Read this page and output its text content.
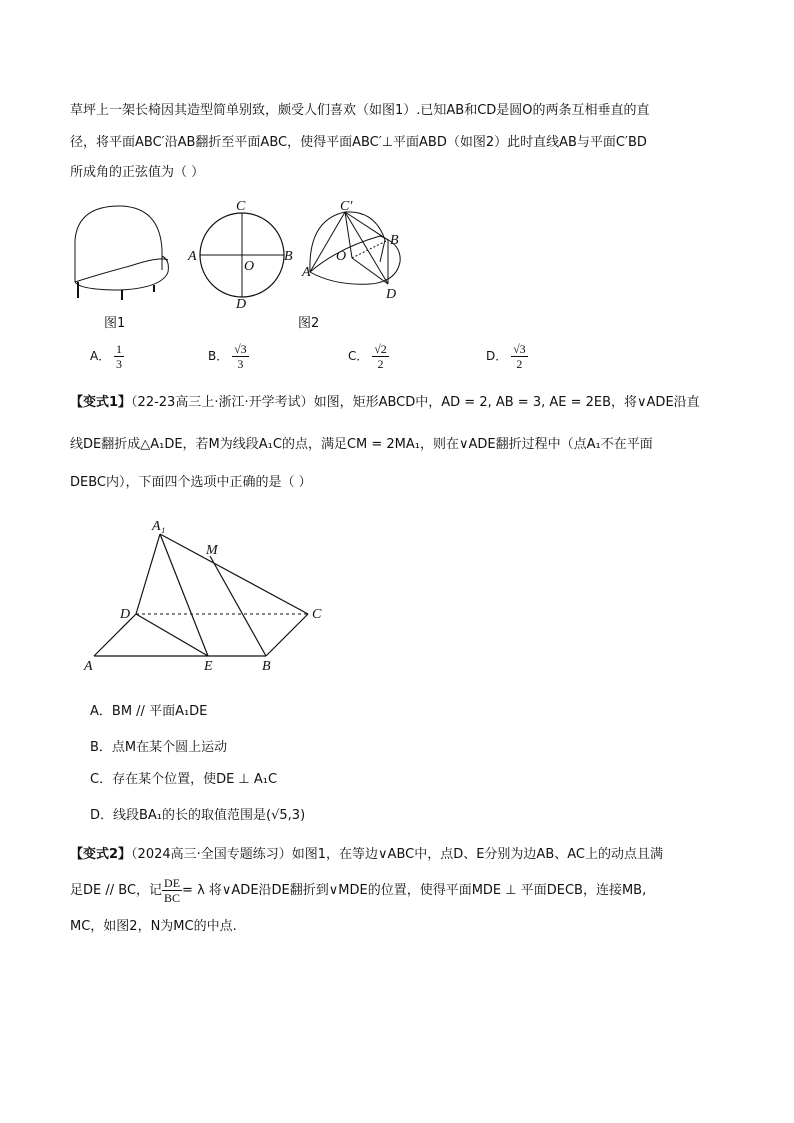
草坪上一架长椅因其造型简单别致，颇受人们喜欢（如图1）.已知AB和CD是圆O的两条互相垂直的直
径，将平面ABC′沿AB翻折至平面ABC，使得平面ABC′⊥平面ABD（如图2）此时直线AB与平面C′BD
所成角的正弦值为（ ）
C
A
O
B
D
C′
O
B
A
D
图1	图2
A． $\frac{1}{3}$	B． $\frac{√3}{3}$	C． $\frac{√2}{2}$	D． $\frac{√3}{2}$
【变式1】（22-23高三上·浙江·开学考试）如图，矩形ABCD中，AD = 2, AB = 3, AE = 2EB，将∨ADE沿直
线DE翻折成△A₁DE，若M为线段A₁C的点，满足CM = 2MA₁，则在∨ADE翻折过程中（点A₁不在平面
DEBC内），下面四个选项中正确的是（ ）
A₁
M
D	C
A	E	B
A．BM // 平面A₁DE
B．点M在某个圆上运动
C．存在某个位置，使DE ⊥ A₁C
D．线段BA₁的长的取值范围是(√5,3)
【变式2】（2024高三·全国专题练习）如图1，在等边∨ABC中，点D、E分别为边AB、AC上的动点且满
足DE // BC，记 $\frac{DE}{BC} = \lambda$ 将∨ADE沿DE翻折到∨MDE的位置，使得平面MDE ⊥ 平面DECB，连接MB,
MC，如图2，N为MC的中点.
